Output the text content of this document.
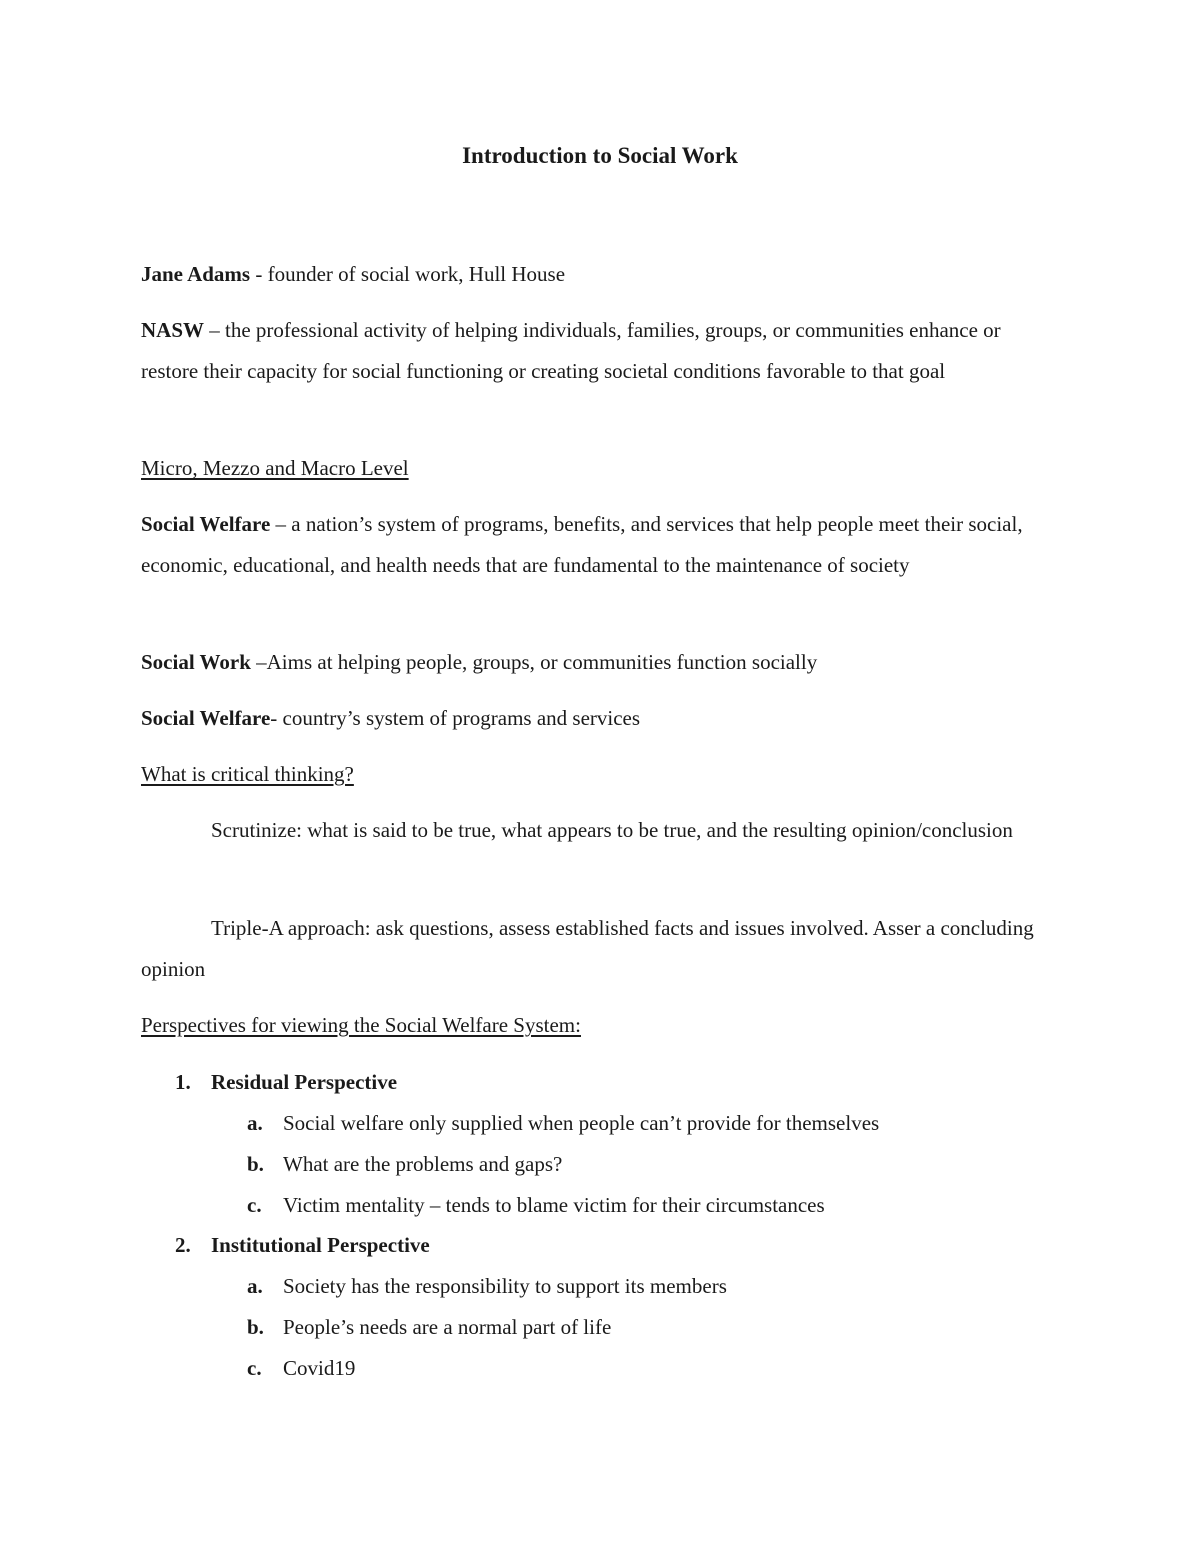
Introduction to Social Work

Jane Adams - founder of social work, Hull House

NASW – the professional activity of helping individuals, families, groups, or communities enhance or restore their capacity for social functioning or creating societal conditions favorable to that goal

Micro, Mezzo and Macro Level

Social Welfare – a nation’s system of programs, benefits, and services that help people meet their social, economic, educational, and health needs that are fundamental to the maintenance of society

Social Work –Aims at helping people, groups, or communities function socially

Social Welfare- country’s system of programs and services

What is critical thinking?

Scrutinize: what is said to be true, what appears to be true, and the resulting opinion/conclusion

Triple-A approach: ask questions, assess established facts and issues involved. Asser a concluding opinion

Perspectives for viewing the Social Welfare System:

1. Residual Perspective

a. Social welfare only supplied when people can’t provide for themselves

b. What are the problems and gaps?

c. Victim mentality – tends to blame victim for their circumstances

2. Institutional Perspective

a. Society has the responsibility to support its members

b. People’s needs are a normal part of life

c. Covid19
